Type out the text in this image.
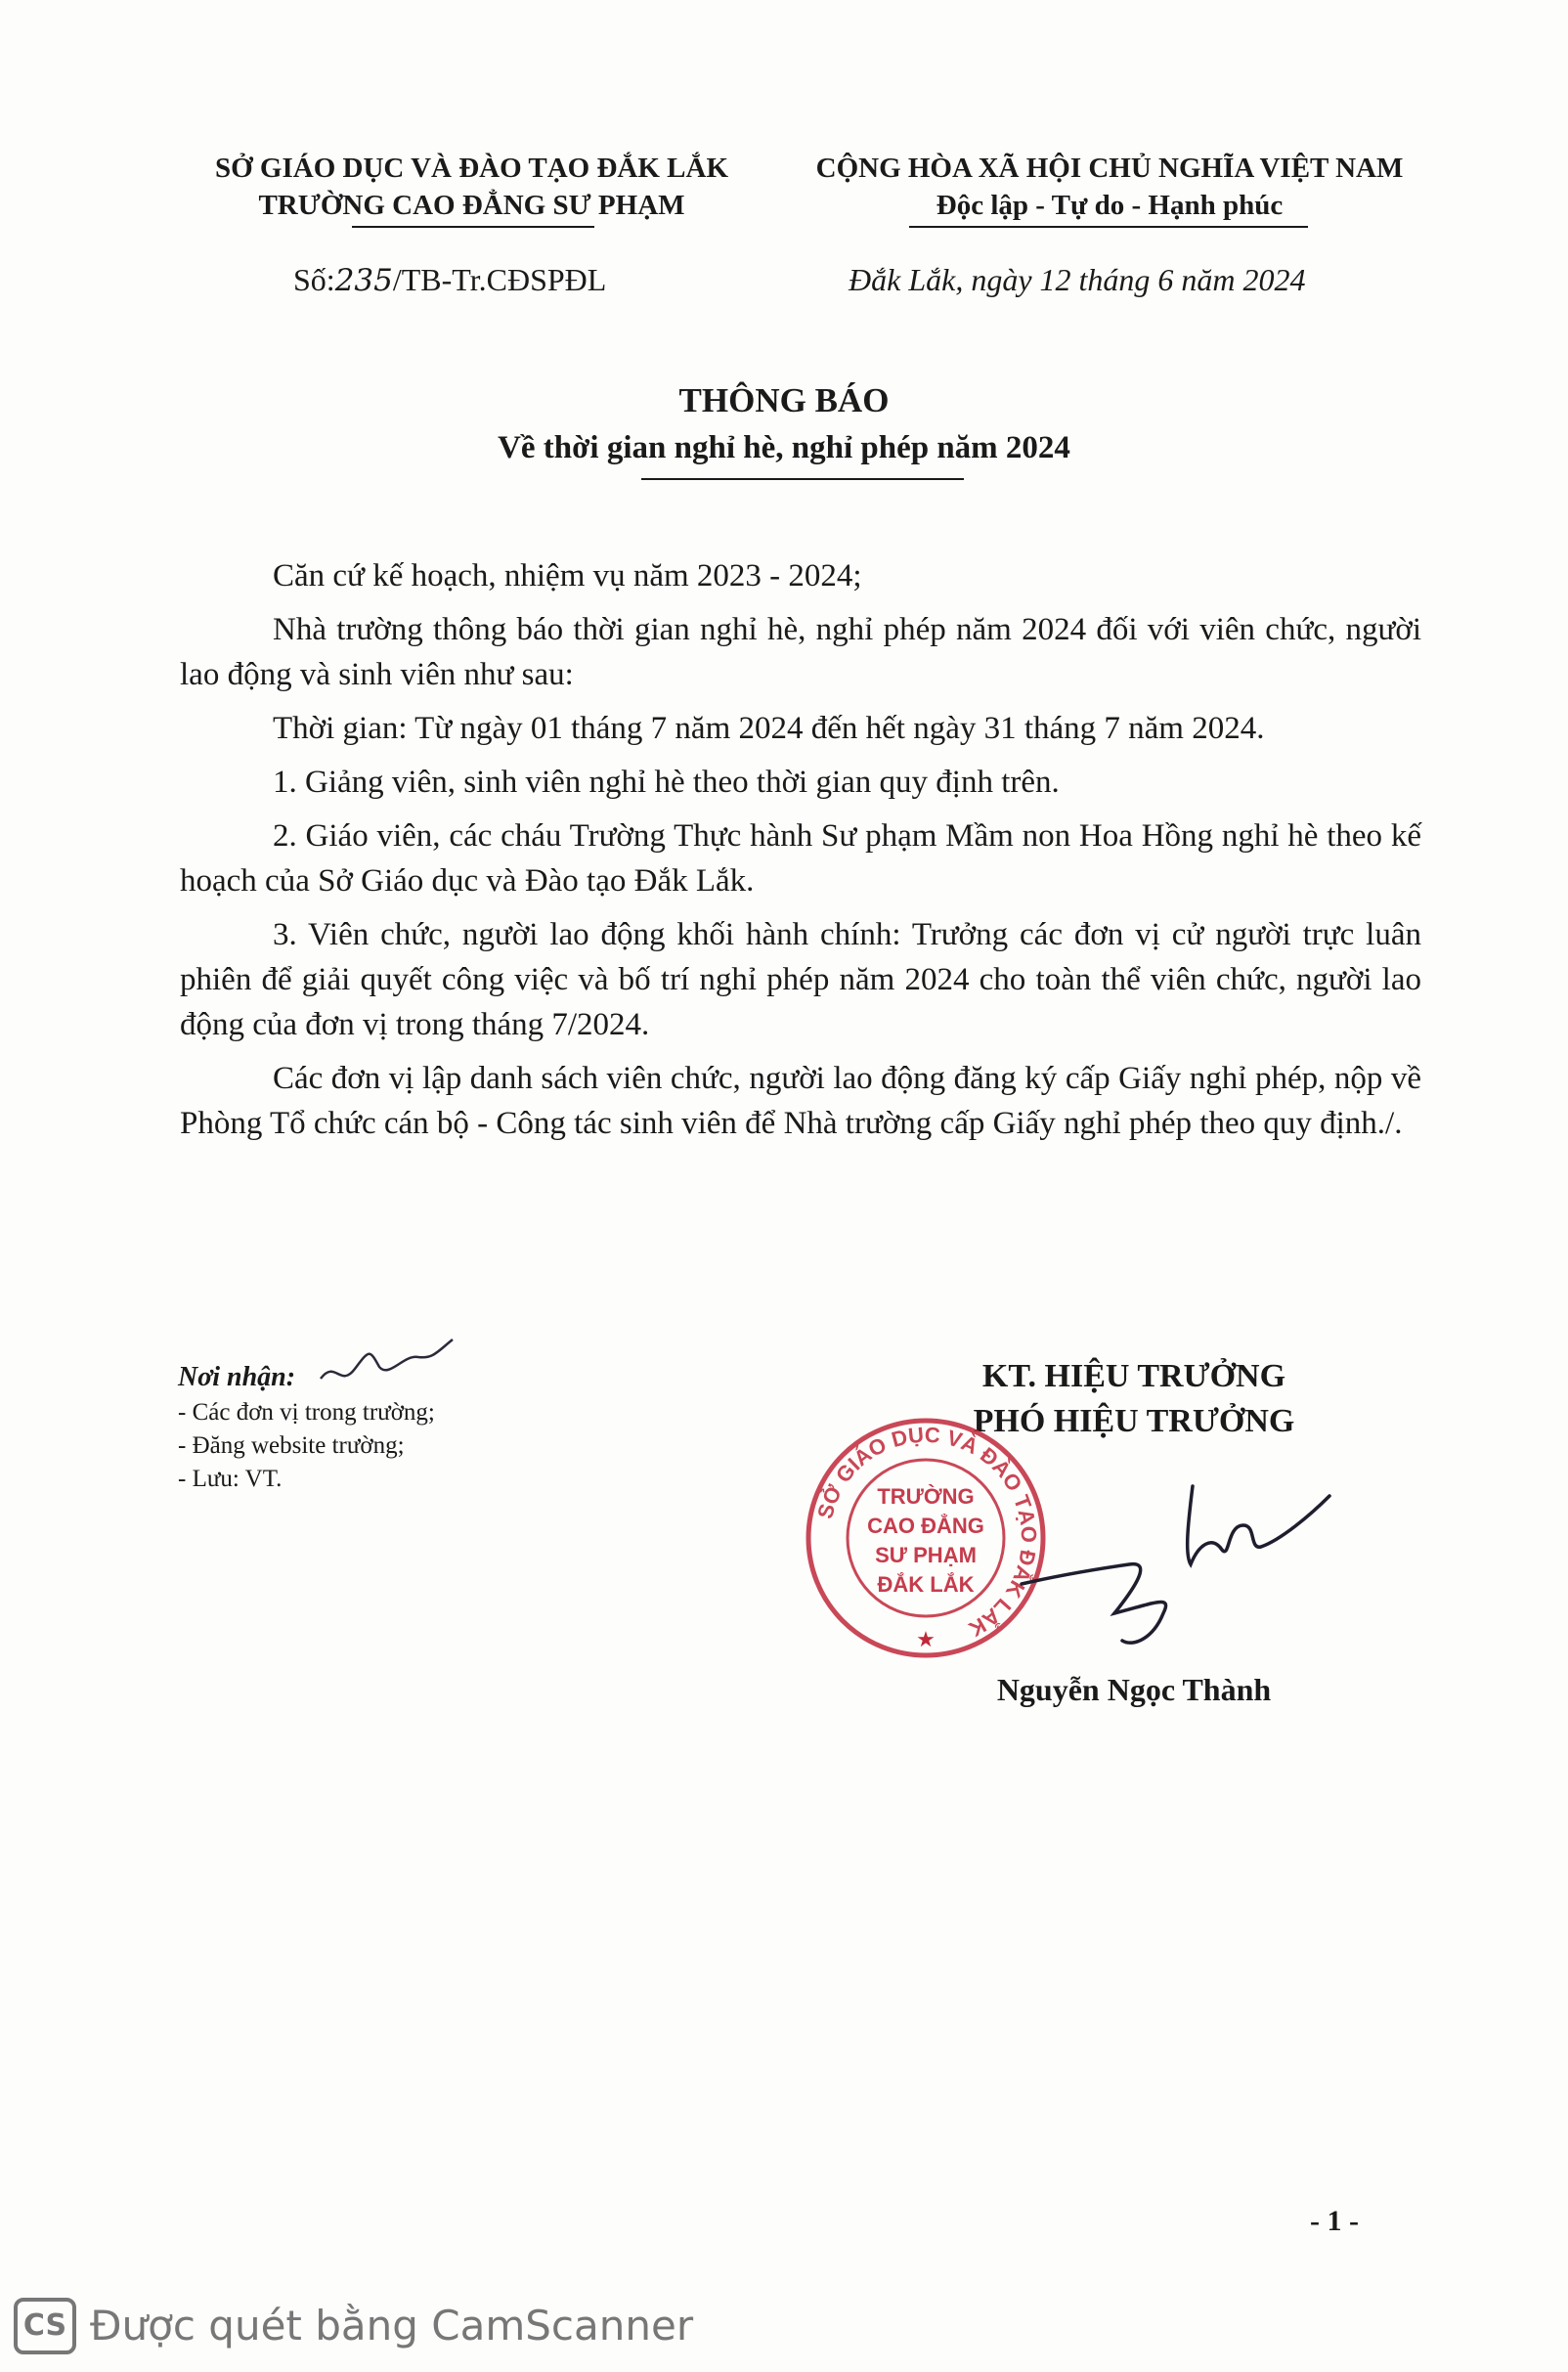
SỞ GIÁO DỤC VÀ ĐÀO TẠO ĐẮK LẮK
TRƯỜNG CAO ĐẲNG SƯ PHẠM
CỘNG HÒA XÃ HỘI CHỦ NGHĨA VIỆT NAM
Độc lập - Tự do - Hạnh phúc
Số:235/TB-Tr.CĐSPĐL	Đắk Lắk, ngày 12 tháng 6 năm 2024
THÔNG BÁO
Về thời gian nghỉ hè, nghỉ phép năm 2024

Căn cứ kế hoạch, nhiệm vụ năm 2023 - 2024;

Nhà trường thông báo thời gian nghỉ hè, nghỉ phép năm 2024 đối với viên chức, người lao động và sinh viên như sau:

Thời gian: Từ ngày 01 tháng 7 năm 2024 đến hết ngày 31 tháng 7 năm 2024.

1. Giảng viên, sinh viên nghỉ hè theo thời gian quy định trên.

2. Giáo viên, các cháu Trường Thực hành Sư phạm Mầm non Hoa Hồng nghỉ hè theo kế hoạch của Sở Giáo dục và Đào tạo Đắk Lắk.

3. Viên chức, người lao động khối hành chính: Trưởng các đơn vị cử người trực luân phiên để giải quyết công việc và bố trí nghỉ phép năm 2024 cho toàn thể viên chức, người lao động của đơn vị trong tháng 7/2024.

Các đơn vị lập danh sách viên chức, người lao động đăng ký cấp Giấy nghỉ phép, nộp về Phòng Tổ chức cán bộ - Công tác sinh viên để Nhà trường cấp Giấy nghỉ phép theo quy định./.

Nơi nhận:
- Các đơn vị trong trường;
- Đăng website trường;
- Lưu: VT.
KT. HIỆU TRƯỞNG
PHÓ HIỆU TRƯỞNG
SỞ GIÁO DỤC VÀ ĐÀO TẠO ĐẮK LẮK
TRƯỜNG
CAO ĐẲNG
SƯ PHẠM
ĐẮK LẮK
★
Nguyễn Ngọc Thành
- 1 -
CS Được quét bằng CamScanner
